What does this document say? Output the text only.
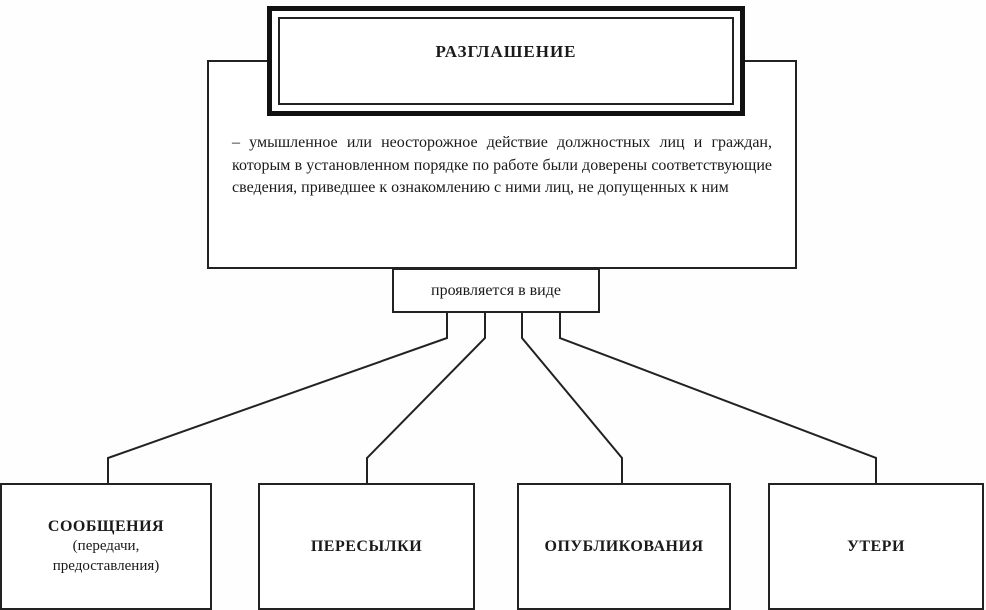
РАЗГЛАШЕНИЕ
– умышленное или неосторожное действие должностных лиц и граждан, которым в установленном порядке по работе были доверены соответствующие сведения, приведшее к ознакомлению с ними лиц, не допущенных к ним
проявляется в виде
СООБЩЕНИЯ
(передачи,
предоставления)
ПЕРЕСЫЛКИ	ОПУБЛИКОВАНИЯ	УТЕРИ
